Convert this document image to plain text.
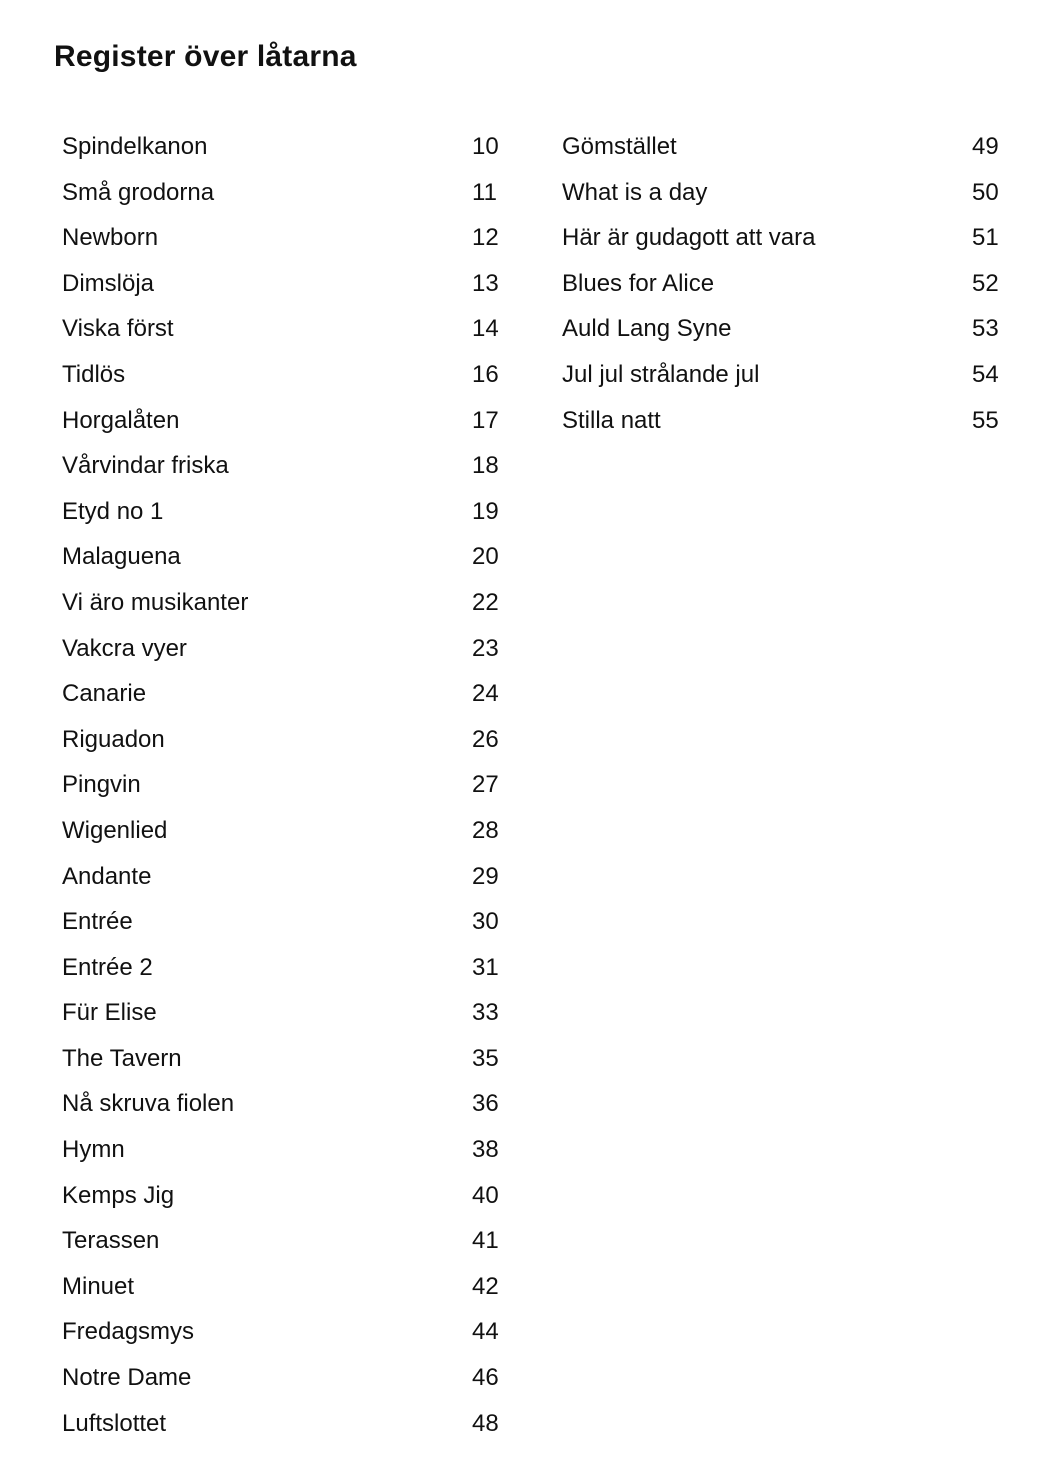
Register över låtarna
Spindelkanon	10
Små grodorna	11
Newborn	12
Dimslöja	13
Viska först	14
Tidlös	16
Horgalåten	17
Vårvindar friska	18
Etyd no 1	19
Malaguena	20
Vi äro musikanter	22
Vakcra vyer	23
Canarie	24
Riguadon	26
Pingvin	27
Wigenlied	28
Andante	29
Entrée	30
Entrée 2	31
Für Elise	33
The Tavern	35
Nå skruva fiolen	36
Hymn	38
Kemps Jig	40
Terassen	41
Minuet	42
Fredagsmys	44
Notre Dame	46
Luftslottet	48
Gömstället	49
What is a day	50
Här är gudagott att vara	51
Blues for Alice	52
Auld Lang Syne	53
Jul jul strålande jul	54
Stilla natt	55
